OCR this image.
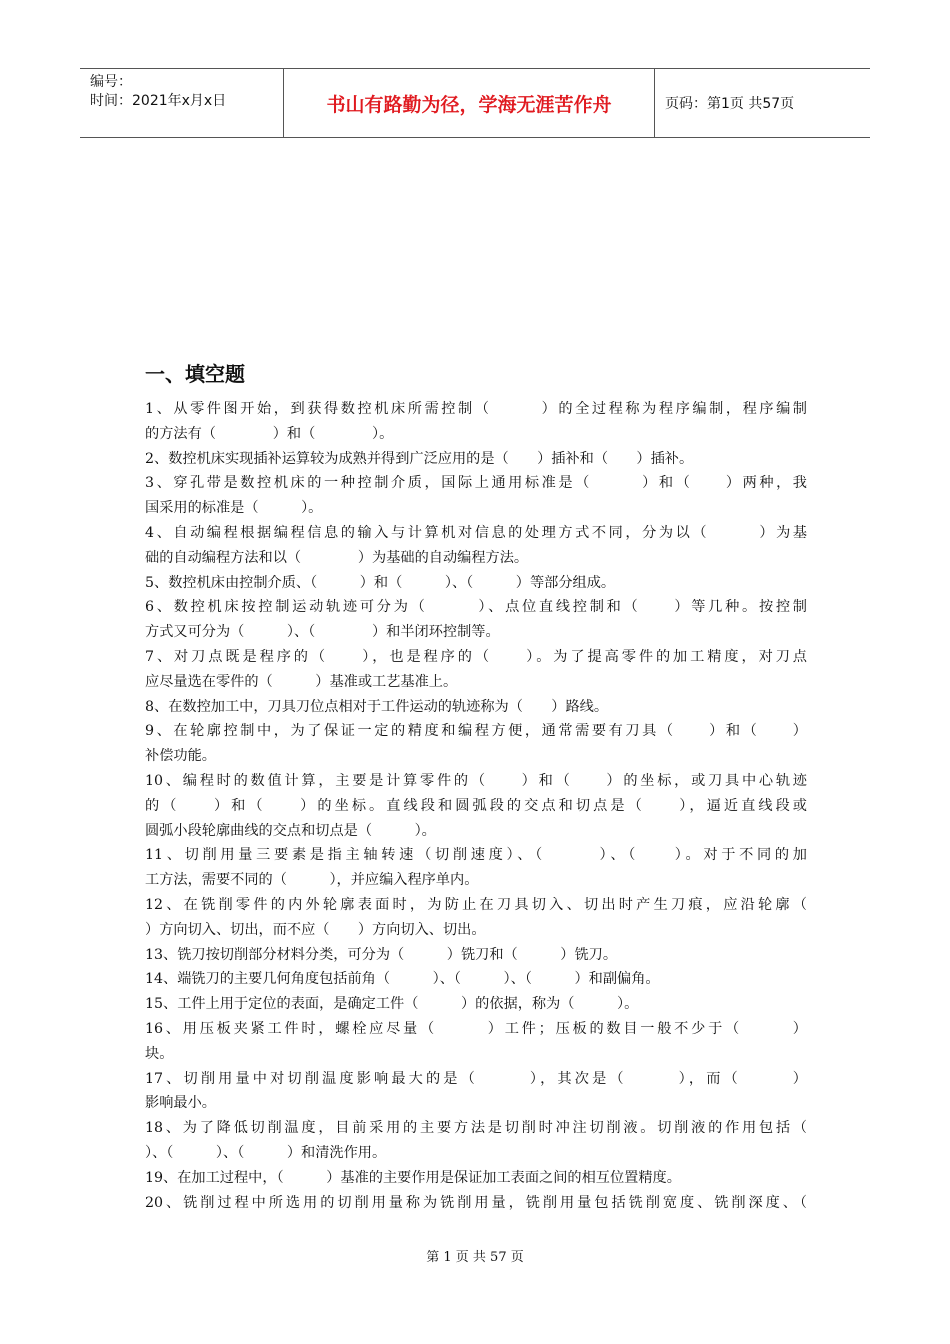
编号：
时间：2021年x月x日	书山有路勤为径，学海无涯苦作舟	页码：第1页 共57页
一、填空题
1、从零件图开始，到获得数控机床所需控制（　　　）的全过程称为程序编制，程序编制
的方法有（　　　　）和（　　　　）。
2、数控机床实现插补运算较为成熟并得到广泛应用的是（　　）插补和（　　）插补。
3、穿孔带是数控机床的一种控制介质，国际上通用标准是（　　　）和（　　）两种，我
国采用的标准是（　　　）。
4、自动编程根据编程信息的输入与计算机对信息的处理方式不同，分为以（　　　）为基
础的自动编程方法和以（　　　　）为基础的自动编程方法。
5、数控机床由控制介质、（　　　）和（　　　）、（　　　）等部分组成。
6、数控机床按控制运动轨迹可分为（　　　）、点位直线控制和（　　）等几种。按控制
方式又可分为（　　　）、（　　　　）和半闭环控制等。
7、对刀点既是程序的（　　），也是程序的（　　）。为了提高零件的加工精度，对刀点
应尽量选在零件的（　　　）基准或工艺基准上。
8、在数控加工中，刀具刀位点相对于工件运动的轨迹称为（　　）路线。
9、在轮廓控制中，为了保证一定的精度和编程方便，通常需要有刀具（　　）和（　　）
补偿功能。
10、编程时的数值计算，主要是计算零件的（　　）和（　　）的坐标，或刀具中心轨迹
的（　　）和（　　）的坐标。直线段和圆弧段的交点和切点是（　　），逼近直线段或
圆弧小段轮廓曲线的交点和切点是（　　　）。
11、切削用量三要素是指主轴转速（切削速度）、（　　　）、（　　）。对于不同的加
工方法，需要不同的（　　　），并应编入程序单内。
12、在铣削零件的内外轮廓表面时，为防止在刀具切入、切出时产生刀痕，应沿轮廓（
）方向切入、切出，而不应（　　）方向切入、切出。
13、铣刀按切削部分材料分类，可分为（　　　）铣刀和（　　　）铣刀。
14、端铣刀的主要几何角度包括前角（　　　）、（　　　）、（　　　）和副偏角。
15、工件上用于定位的表面，是确定工件（　　　）的依据，称为（　　　）。
16、用压板夹紧工件时，螺栓应尽量（　　　）工件；压板的数目一般不少于（　　　）
块。
17、切削用量中对切削温度影响最大的是（　　　），其次是（　　　），而（　　　）
影响最小。
18、为了降低切削温度，目前采用的主要方法是切削时冲注切削液。切削液的作用包括（
）、（　　　）、（　　　）和清洗作用。
19、在加工过程中，（　　　）基准的主要作用是保证加工表面之间的相互位置精度。
20、铣削过程中所选用的切削用量称为铣削用量，铣削用量包括铣削宽度、铣削深度、（
第 1 页 共 57 页
